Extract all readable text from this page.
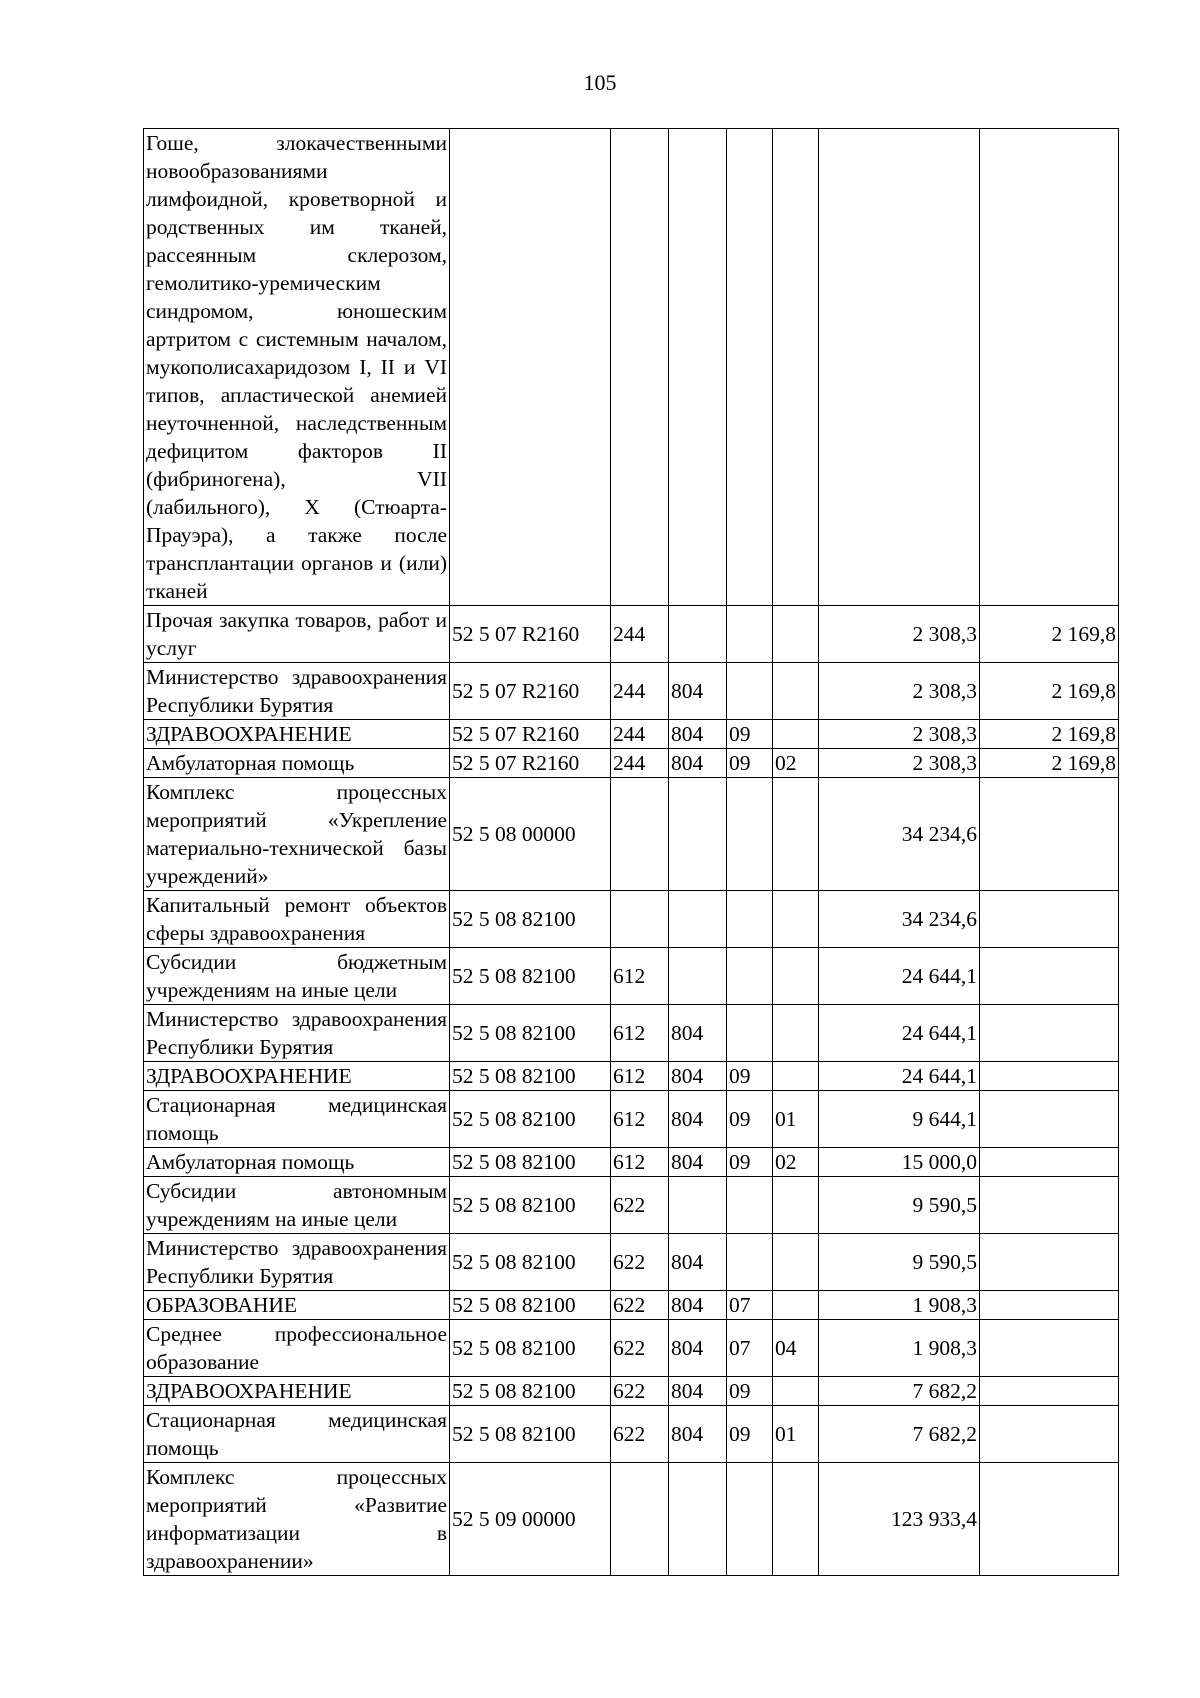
105
Гоше, злокачественными новообразованиями лимфоидной, кроветворной и родственных им тканей, рассеянным склерозом, гемолитико-уремическим синдромом, юношеским артритом с системным началом, мукополисахаридозом I, II и VI типов, апластической анемией неуточненной, наследственным дефицитом факторов II (фибриногена), VII (лабильного), X (Стюарта-Прауэра), а также после трансплантации органов и (или) тканей							
Прочая закупка товаров, работ и услуг	52 5 07 R2160	244				2 308,3	2 169,8
Министерство здравоохранения Республики Бурятия	52 5 07 R2160	244	804			2 308,3	2 169,8
ЗДРАВООХРАНЕНИЕ	52 5 07 R2160	244	804	09		2 308,3	2 169,8
Амбулаторная помощь	52 5 07 R2160	244	804	09	02	2 308,3	2 169,8
Комплекс процессных мероприятий «Укрепление материально-технической базы учреждений»	52 5 08 00000					34 234,6	
Капитальный ремонт объектов сферы здравоохранения	52 5 08 82100					34 234,6	
Субсидии бюджетным учреждениям на иные цели	52 5 08 82100	612				24 644,1	
Министерство здравоохранения Республики Бурятия	52 5 08 82100	612	804			24 644,1	
ЗДРАВООХРАНЕНИЕ	52 5 08 82100	612	804	09		24 644,1	
Стационарная медицинская помощь	52 5 08 82100	612	804	09	01	9 644,1	
Амбулаторная помощь	52 5 08 82100	612	804	09	02	15 000,0	
Субсидии автономным учреждениям на иные цели	52 5 08 82100	622				9 590,5	
Министерство здравоохранения Республики Бурятия	52 5 08 82100	622	804			9 590,5	
ОБРАЗОВАНИЕ	52 5 08 82100	622	804	07		1 908,3	
Среднее профессиональное образование	52 5 08 82100	622	804	07	04	1 908,3	
ЗДРАВООХРАНЕНИЕ	52 5 08 82100	622	804	09		7 682,2	
Стационарная медицинская помощь	52 5 08 82100	622	804	09	01	7 682,2	
Комплекс процессных мероприятий «Развитие информатизации в здравоохранении»	52 5 09 00000					123 933,4	
